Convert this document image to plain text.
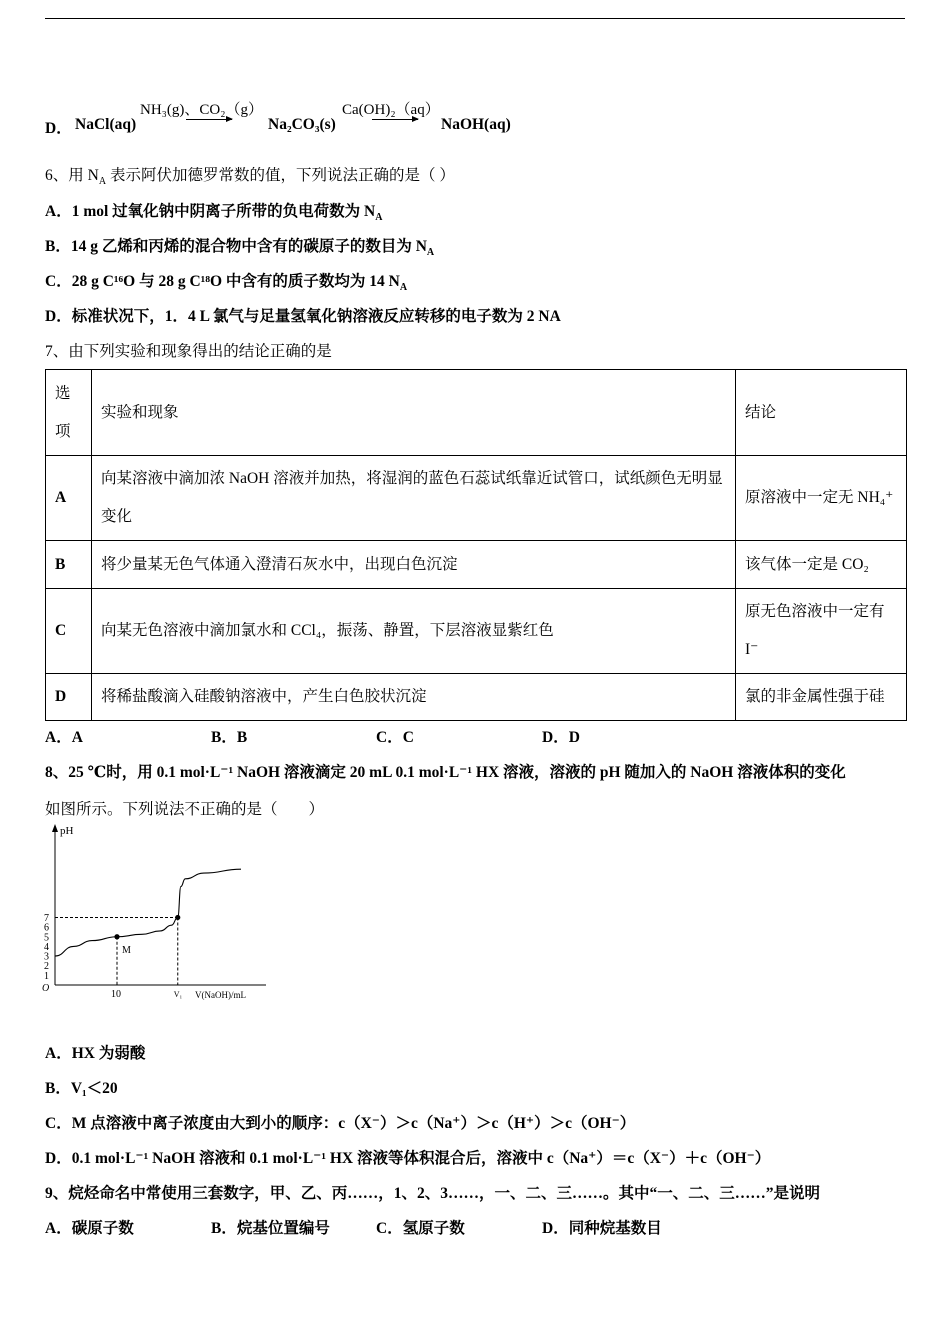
D． NaCl(aq)
NH₃(g)、CO₂（g）
Na₂CO₃(s)
Ca(OH)₂（aq）
→ NaOH(aq)
6、用 $N_A$ 表示阿伏加德罗常数的值，下列说法正确的是（ ）
A．1 mol 过氧化钠中阴离子所带的负电荷数为 $N_A$
B．14 g 乙烯和丙烯的混合物中含有的碳原子的数目为 $N_A$
C．28 g C¹⁶O 与 28 g C¹⁸O 中含有的质子数均为 14 $N_A$
D．标准状况下，1．4 L 氯气与足量氢氧化钠溶液反应转移的电子数为 2 NA
7、由下列实验和现象得出的结论正确的是
选
项	实验和现象	结论
A	向某溶液中滴加浓 NaOH 溶液并加热，将湿润的蓝色石蕊试纸靠近试管口，试纸颜色无明显变化	原溶液中一定无 NH₄⁺
B	将少量某无色气体通入澄清石灰水中，出现白色沉淀	该气体一定是 CO₂
C	向某无色溶液中滴加氯水和 CCl₄，振荡、静置，下层溶液显紫红色	原无色溶液中一定有 I⁻
D	将稀盐酸滴入硅酸钠溶液中，产生白色胶状沉淀	氯的非金属性强于硅
A．A	B．B	C．C	D．D
8、25 ℃时，用 0.1 mol·L⁻¹ NaOH 溶液滴定 20 mL 0.1 mol·L⁻¹ HX 溶液，溶液的 pH 随加入的 NaOH 溶液体积的变化
如图所示。下列说法不正确的是（　　）
pH
O
V(NaOH)/mL
1
2
3
4
5
6
7
10	V₁
M
A．HX 为弱酸
B．V₁＜20
C．M 点溶液中离子浓度由大到小的顺序：c（X⁻）＞c（Na⁺）＞c（H⁺）＞c（OH⁻）
D．0.1 mol·L⁻¹ NaOH 溶液和 0.1 mol·L⁻¹ HX 溶液等体积混合后，溶液中 c（Na⁺）＝c（X⁻）＋c（OH⁻）
9、烷烃命名中常使用三套数字，甲、乙、丙……，1、2、3……，一、二、三……。其中“一、二、三……”是说明
A．碳原子数	B．烷基位置编号	C．氢原子数	D．同种烷基数目
